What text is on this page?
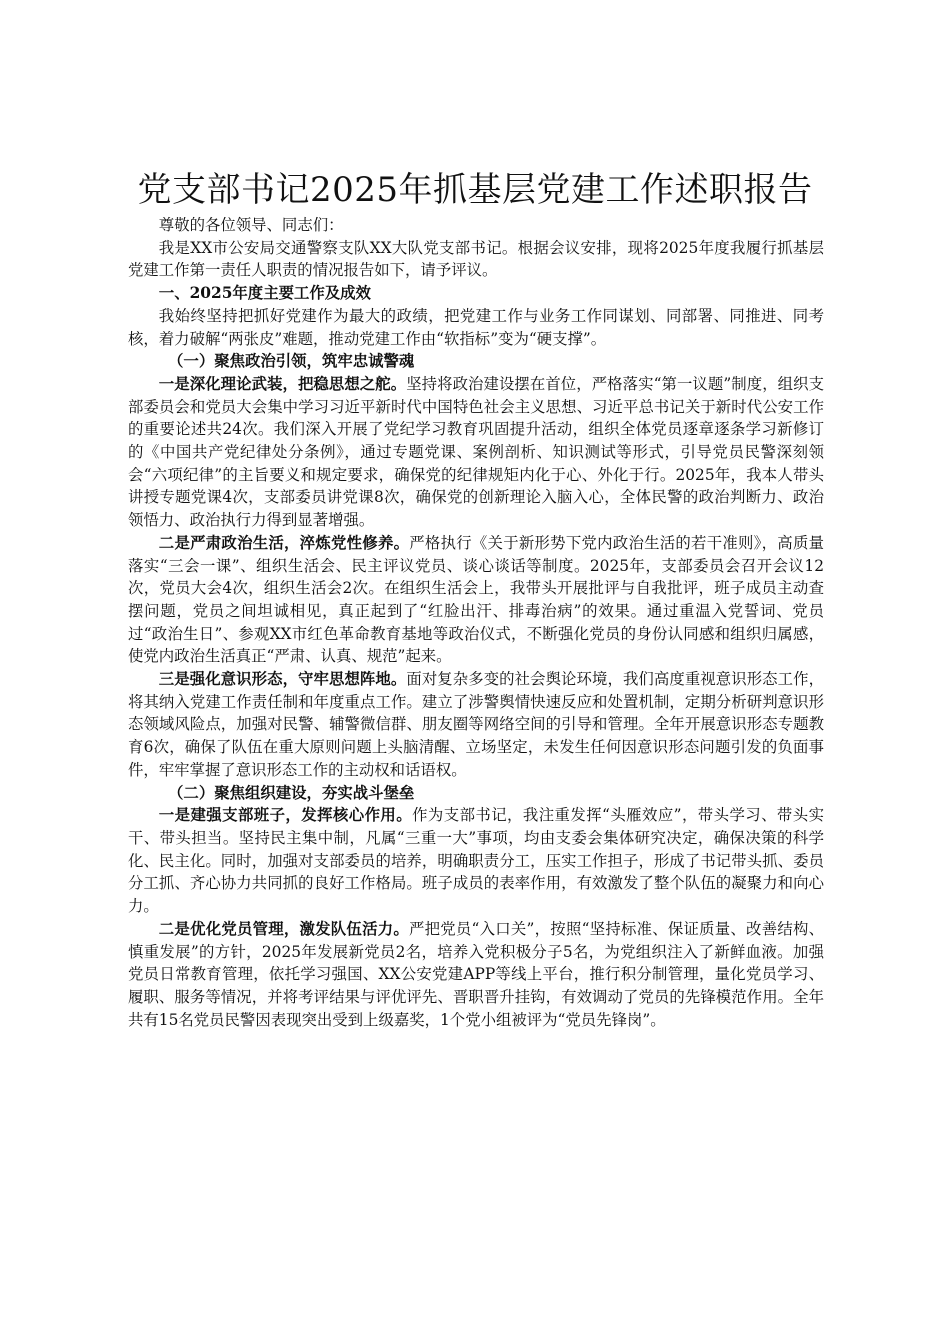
党支部书记2025年抓基层党建工作述职报告

尊敬的各位领导、同志们：

我是XX市公安局交通警察支队XX大队党支部书记。根据会议安排，现将2025年度我履行抓基层党建工作第一责任人职责的情况报告如下，请予评议。

一、2025年度主要工作及成效

我始终坚持把抓好党建作为最大的政绩，把党建工作与业务工作同谋划、同部署、同推进、同考核，着力破解“两张皮”难题，推动党建工作由“软指标”变为“硬支撑”。

（一）聚焦政治引领，筑牢忠诚警魂

一是深化理论武装，把稳思想之舵。坚持将政治建设摆在首位，严格落实“第一议题”制度，组织支部委员会和党员大会集中学习习近平新时代中国特色社会主义思想、习近平总书记关于新时代公安工作的重要论述共24次。我们深入开展了党纪学习教育巩固提升活动，组织全体党员逐章逐条学习新修订的《中国共产党纪律处分条例》，通过专题党课、案例剖析、知识测试等形式，引导党员民警深刻领会“六项纪律”的主旨要义和规定要求，确保党的纪律规矩内化于心、外化于行。2025年，我本人带头讲授专题党课4次，支部委员讲党课8次，确保党的创新理论入脑入心，全体民警的政治判断力、政治领悟力、政治执行力得到显著增强。

二是严肃政治生活，淬炼党性修养。严格执行《关于新形势下党内政治生活的若干准则》，高质量落实“三会一课”、组织生活会、民主评议党员、谈心谈话等制度。2025年，支部委员会召开会议12次，党员大会4次，组织生活会2次。在组织生活会上，我带头开展批评与自我批评，班子成员主动查摆问题，党员之间坦诚相见，真正起到了“红脸出汗、排毒治病”的效果。通过重温入党誓词、党员过“政治生日”、参观XX市红色革命教育基地等政治仪式，不断强化党员的身份认同感和组织归属感，使党内政治生活真正“严肃、认真、规范”起来。

三是强化意识形态，守牢思想阵地。面对复杂多变的社会舆论环境，我们高度重视意识形态工作，将其纳入党建工作责任制和年度重点工作。建立了涉警舆情快速反应和处置机制，定期分析研判意识形态领域风险点，加强对民警、辅警微信群、朋友圈等网络空间的引导和管理。全年开展意识形态专题教育6次，确保了队伍在重大原则问题上头脑清醒、立场坚定，未发生任何因意识形态问题引发的负面事件，牢牢掌握了意识形态工作的主动权和话语权。

（二）聚焦组织建设，夯实战斗堡垒

一是建强支部班子，发挥核心作用。作为支部书记，我注重发挥“头雁效应”，带头学习、带头实干、带头担当。坚持民主集中制，凡属“三重一大”事项，均由支委会集体研究决定，确保决策的科学化、民主化。同时，加强对支部委员的培养，明确职责分工，压实工作担子，形成了书记带头抓、委员分工抓、齐心协力共同抓的良好工作格局。班子成员的表率作用，有效激发了整个队伍的凝聚力和向心力。

二是优化党员管理，激发队伍活力。严把党员“入口关”，按照“坚持标准、保证质量、改善结构、慎重发展”的方针，2025年发展新党员2名，培养入党积极分子5名，为党组织注入了新鲜血液。加强党员日常教育管理，依托学习强国、XX公安党建APP等线上平台，推行积分制管理，量化党员学习、履职、服务等情况，并将考评结果与评优评先、晋职晋升挂钩，有效调动了党员的先锋模范作用。全年共有15名党员民警因表现突出受到上级嘉奖，1个党小组被评为“党员先锋岗”。
